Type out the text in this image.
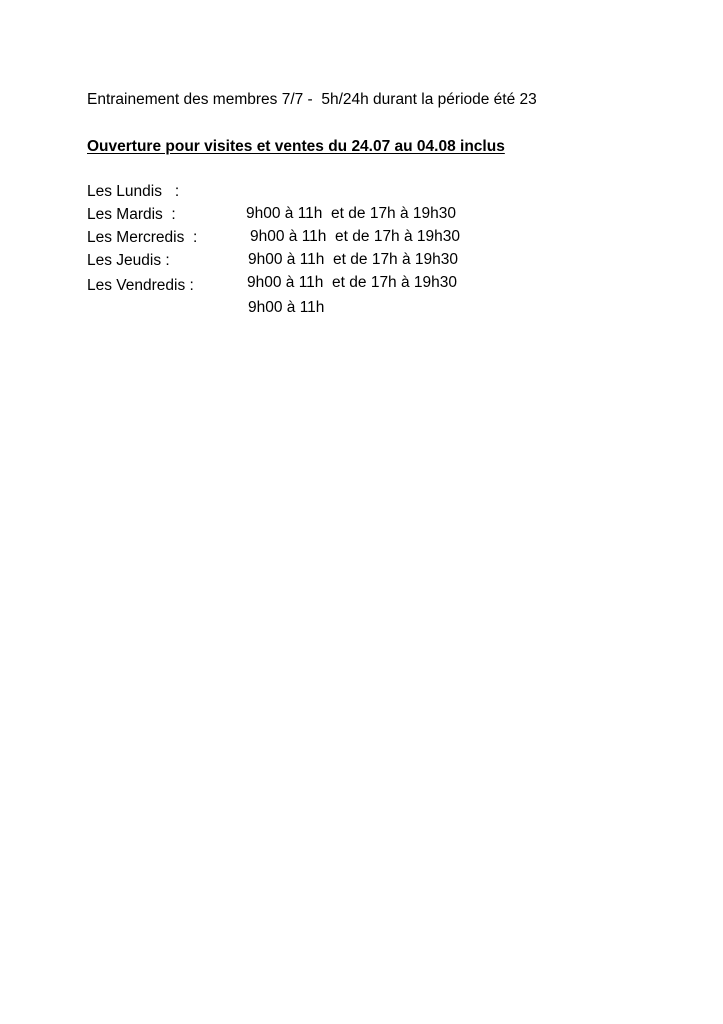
Entrainement des membres 7/7 -  5h/24h durant la période été 23
Ouverture pour visites et ventes du 24.07 au 04.08 inclus

Les Lundis   :

9h00 à 11h  et de 17h à 19h30

Les Mardis  :

9h00 à 11h  et de 17h à 19h30

Les Mercredis  :

9h00 à 11h  et de 17h à 19h30

Les Jeudis :

9h00 à 11h  et de 17h à 19h30

Les Vendredis :

9h00 à 11h
